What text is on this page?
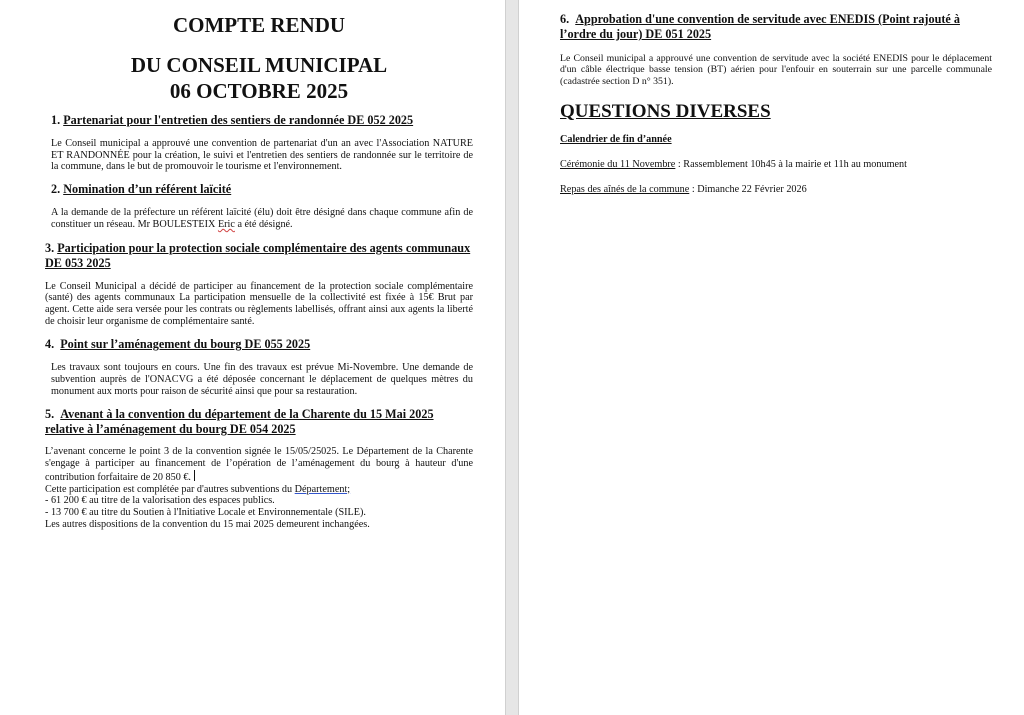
COMPTE RENDU

DU CONSEIL MUNICIPAL

06 OCTOBRE 2025

1. Partenariat pour l'entretien des sentiers de randonnée DE 052 2025

Le Conseil municipal a approuvé une convention de partenariat d'un an avec l'Association NATURE ET RANDONNÉE pour la création, le suivi et l'entretien des sentiers de randonnée sur le territoire de la commune, dans le but de promouvoir le tourisme et l'environnement.

2. Nomination d’un référent laïcité

A la demande de la préfecture un référent laïcité (élu) doit être désigné dans chaque commune afin de constituer un réseau. Mr BOULESTEIX Eric a été désigné.

3. Participation pour la protection sociale complémentaire des agents communaux DE 053 2025

Le Conseil Municipal a décidé de participer au financement de la protection sociale complémentaire (santé) des agents communaux La participation mensuelle de la collectivité est fixée à 15€ Brut par agent. Cette aide sera versée pour les contrats ou règlements labellisés, offrant ainsi aux agents la liberté de choisir leur organisme de complémentaire santé.

4. Point sur l’aménagement du bourg DE 055 2025

Les travaux sont toujours en cours. Une fin des travaux est prévue Mi-Novembre. Une demande de subvention auprès de l'ONACVG a été déposée concernant le déplacement de quelques mètres du monument aux morts pour raison de sécurité ainsi que pour sa restauration.

5. Avenant à la convention du département de la Charente du 15 Mai 2025 relative à l’aménagement du bourg DE 054 2025

L’avenant concerne le point 3 de la convention signée le 15/05/25025. Le Département de la Charente s'engage à participer au financement de l’opération de l’aménagement du bourg à hauteur d'une contribution forfaitaire de 20 850 €.

Cette participation est complétée par d'autres subventions du Département;

- 61 200 € au titre de la valorisation des espaces publics.

- 13 700 € au titre du Soutien à l'Initiative Locale et Environnementale (SILE).

Les autres dispositions de la convention du 15 mai 2025 demeurent inchangées.

6. Approbation d'une convention de servitude avec ENEDIS (Point rajouté à l’ordre du jour) DE 051 2025

Le Conseil municipal a approuvé une convention de servitude avec la société ENEDIS pour le déplacement d'un câble électrique basse tension (BT) aérien pour l'enfouir en souterrain sur une parcelle communale (cadastrée section D n° 351).

QUESTIONS DIVERSES

Calendrier de fin d’année

Cérémonie du 11 Novembre : Rassemblement 10h45 à la mairie et 11h au monument

Repas des aînés de la commune : Dimanche 22 Février 2026
